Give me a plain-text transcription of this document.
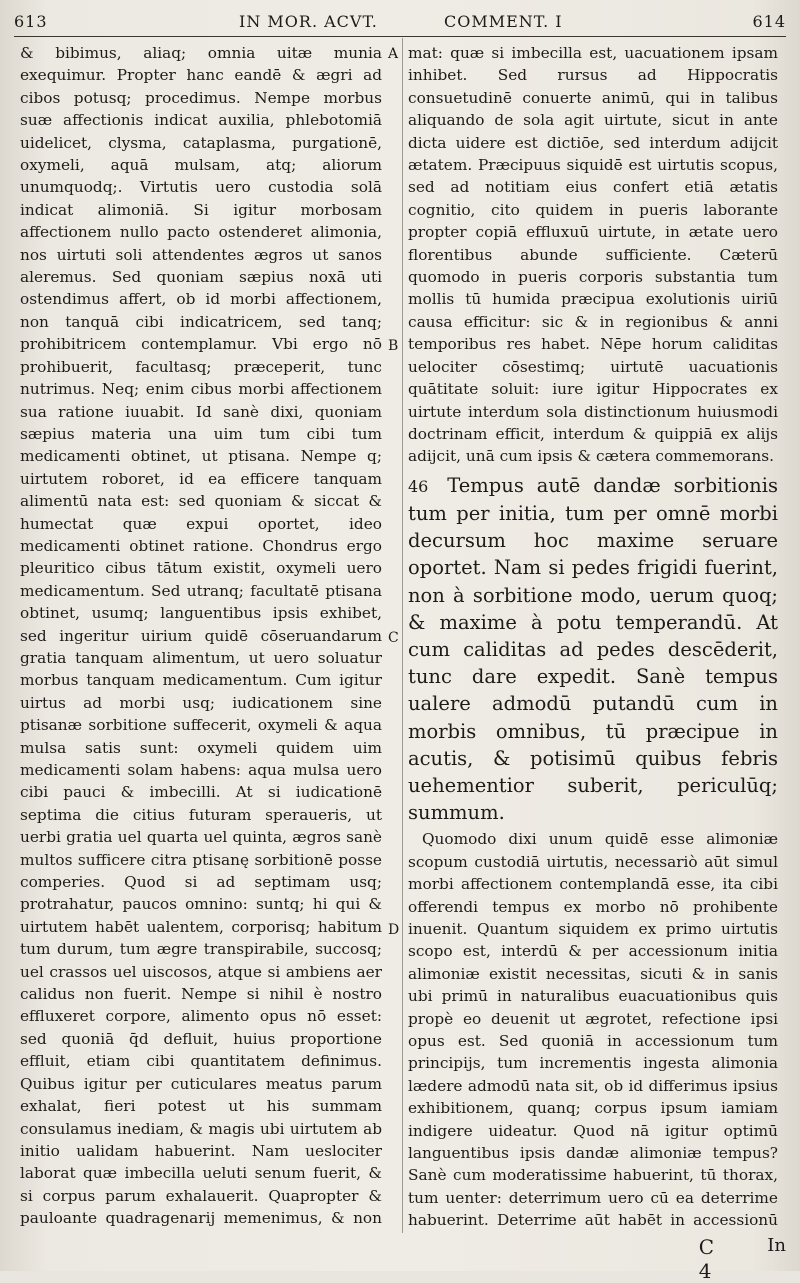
613	IN MOR. ACVT.	COMMENT. I	614

& bibimus, aliaq; omnia uitæ munia exequimur. Propter hanc eandē & ægri ad cibos potusq; procedimus. Nempe morbus suæ affectionis indicat auxilia, phlebotomiā uidelicet, clysma, cataplasma, purgationē, oxymeli, aquā mulsam, atq; aliorum unumquodq;. Virtutis uero custodia solā indicat alimoniā. Si igitur morbosam affectionem nullo pacto ostenderet alimonia, nos uirtuti soli attendentes ægros ut sanos aleremus. Sed quoniam sæpius noxā uti ostendimus affert, ob id morbi affectionem, non tanquā cibi indicatricem, sed tanq; prohibitricem contemplamur. Vbi ergo nō prohibuerit, facultasq; præceperit, tunc nutrimus. Neq; enim cibus morbi affectionem sua ratione iuuabit. Id sanè dixi, quoniam sæpius materia una uim tum cibi tum medicamenti obtinet, ut ptisana. Nempe q; uirtutem roboret, id ea efficere tanquam alimentū nata est: sed quoniam & siccat & humectat quæ expui oportet, ideo medicamenti obtinet ratione. Chondrus ergo pleuritico cibus tātum existit, oxymeli uero medicamentum. Sed utranq; facultatē ptisana obtinet, usumq; languentibus ipsis exhibet, sed ingeritur uirium quidē cōseruandarum gratia tanquam alimentum, ut uero soluatur morbus tanquam medicamentum. Cum igitur uirtus ad morbi usq; iudicationem sine ptisanæ sorbitione suffecerit, oxymeli & aqua mulsa satis sunt: oxymeli quidem uim medicamenti solam habens: aqua mulsa uero cibi pauci & imbecilli. At si iudicationē septima die citius futuram speraueris, ut uerbi gratia uel quarta uel quinta, ægros sanè multos sufficere citra ptisanę sorbitionē posse comperies. Quod si ad septimam usq; protrahatur, paucos omnino: suntq; hi qui & uirtutem habēt ualentem, corporisq; habitum tum durum, tum ægre transpirabile, succosq; uel crassos uel uiscosos, atque si ambiens aer calidus non fuerit. Nempe si nihil è nostro effluxeret corpore, alimento opus nō esset: sed quoniā q̄d defluit, huius proportione effluit, etiam cibi quantitatem definimus. Quibus igitur per cuticulares meatus parum exhalat, fieri potest ut his summam consulamus inediam, & magis ubi uirtutem ab initio ualidam habuerint. Nam ueslociter laborat quæ imbecilla ueluti senum fuerit, & si corpus parum exhalauerit. Quapropter & pauloante quadragenarij memenimus, & non

A
B
C
D

mat: quæ si imbecilla est, uacuationem ipsam inhibet. Sed rursus ad Hippocratis consuetudinē conuerte animū, qui in talibus aliquando de sola agit uirtute, sicut in ante dicta uidere est dictiōe, sed interdum adijcit ætatem. Præcipuus siquidē est uirtutis scopus, sed ad notitiam eius confert etiā ætatis cognitio, cito quidem in pueris laborante propter copiā effluxuū uirtute, in ætate uero florentibus abunde sufficiente. Cæterū quomodo in pueris corporis substantia tum mollis tū humida præcipua exolutionis uiriū causa efficitur: sic & in regionibus & anni temporibus res habet. Nēpe horum caliditas uelociter cōsestimq; uirtutē uacuationis quātitate soluit: iure igitur Hippocrates ex uirtute interdum sola distinctionum huiusmodi doctrinam efficit, interdum & quippiā ex alijs adijcit, unā cum ipsis & cætera commemorans.

46 Tempus autē dandæ sorbitionis tum per initia, tum per omnē morbi decursum hoc maxime seruare oportet. Nam si pedes frigidi fuerint, non à sorbitione modo, uerum quoq; & maxime à potu temperandū. At cum caliditas ad pedes descēderit, tunc dare expedit. Sanè tempus ualere admodū putandū cum in morbis omnibus, tū præcipue in acutis, & potisimū quibus febris uehementior suberit, periculūq; summum.

Quomodo dixi unum quidē esse alimoniæ scopum custodiā uirtutis, necessariò aūt simul morbi affectionem contemplandā esse, ita cibi offerendi tempus ex morbo nō prohibente inuenit. Quantum siquidem ex primo uirtutis scopo est, interdū & per accessionum initia alimoniæ existit necessitas, sicuti & in sanis ubi primū in naturalibus euacuationibus quis propè eo deuenit ut ægrotet, refectione ipsi opus est. Sed quoniā in accessionum tum principijs, tum incrementis ingesta alimonia lædere admodū nata sit, ob id differimus ipsius exhibitionem, quanq; corpus ipsum iamiam indigere uideatur. Quod nā igitur optimū languentibus ipsis dandæ alimoniæ tempus? Sanè cum moderatissime habuerint, tū thorax, tum uenter: deterrimum uero cū ea deterrime habuerint. Deterrime aūt habēt in accessionū

C 4
In
